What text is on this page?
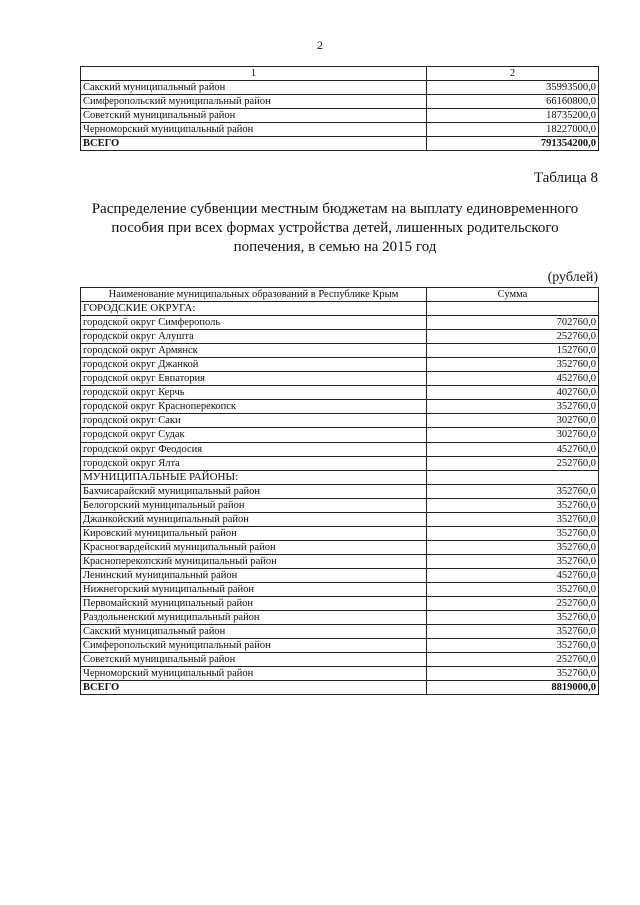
2
1	2
Сакский муниципальный район	35993500,0
Симферопольский муниципальный район	66160800,0
Советский муниципальный район	18735200,0
Черноморский муниципальный район	18227000,0
ВСЕГО	791354200,0
Таблица 8
Распределение субвенции местным бюджетам на выплату единовременного
пособия при всех формах устройства детей, лишенных родительского
попечения, в семью на 2015 год
(рублей)
Наименование муниципальных образований в Республике Крым	Сумма
ГОРОДСКИЕ ОКРУГА:	
городской округ Симферополь	702760,0
городской округ Алушта	252760,0
городской округ Армянск	152760,0
городской округ Джанкой	352760,0
городской округ Евпатория	452760,0
городской округ Керчь	402760,0
городской округ Красноперекопск	352760,0
городской округ Саки	302760,0
городской округ Судак	302760,0
городской округ Феодосия	452760,0
городской округ Ялта	252760,0
МУНИЦИПАЛЬНЫЕ РАЙОНЫ:	
Бахчисарайский муниципальный район	352760,0
Белогорский муниципальный район	352760,0
Джанкойский муниципальный район	352760,0
Кировский муниципальный район	352760,0
Красногвардейский муниципальный район	352760,0
Красноперекопский муниципальный район	352760,0
Ленинский муниципальный район	452760,0
Нижнегорский муниципальный район	352760,0
Первомайский муниципальный район	252760,0
Раздольненский муниципальный район	352760,0
Сакский муниципальный район	352760,0
Симферопольский муниципальный район	352760,0
Советский муниципальный район	252760,0
Черноморский муниципальный район	352760,0
ВСЕГО	8819000,0
